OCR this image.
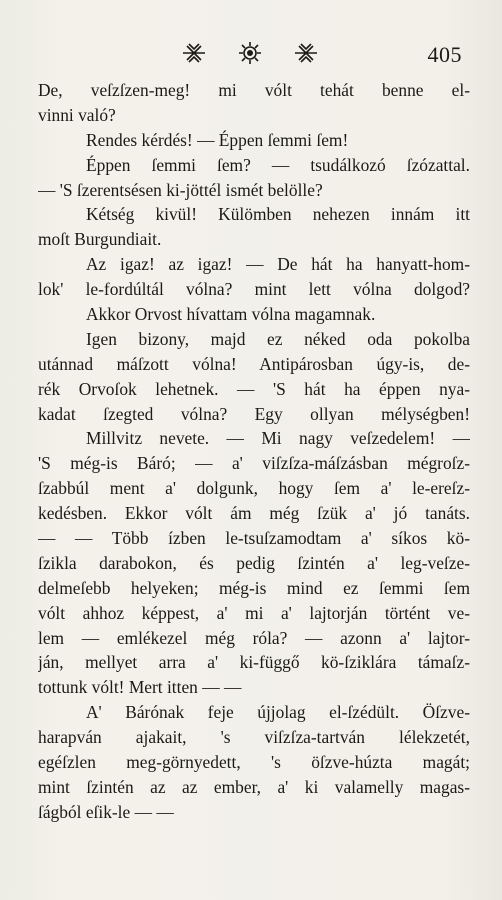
405
De, veſzſzen-meg! mi vólt tehát benne el-
vinni való?
Rendes kérdés! — Éppen ſemmi ſem!
Éppen ſemmi ſem? — tsudálkozó ſzózattal.
— 'S ſzerentsésen ki-jöttél ismét belölle?
Kétség kivül! Külömben nehezen innám itt
moſt Burgundiait.
Az igaz! az igaz! — De hát ha hanyatt-hom-
lok' le-fordúltál vólna? mint lett vólna dolgod?
Akkor Orvost hívattam vólna magamnak.
Igen bizony, majd ez néked oda pokolba
utánnad máſzott vólna! Antipárosban úgy-is, de-
rék Orvoſok lehetnek. — 'S hát ha éppen nya-
kadat ſzegted vólna? Egy ollyan mélységben!
Millvitz nevete. — Mi nagy veſzedelem! —
'S még-is Báró; — a' viſzſza-máſzásban mégroſz-
ſzabbúl ment a' dolgunk, hogy ſem a' le-ereſz-
kedésben. Ekkor vólt ám még ſzük a' jó tanáts.
— — Több ízben le-tsuſzamodtam a' síkos kö-
ſzikla darabokon, és pedig ſzintén a' leg-veſze-
delmeſebb helyeken; még-is mind ez ſemmi ſem
vólt ahhoz képpest, a' mi a' lajtorján történt ve-
lem — emlékezel még róla? — azonn a' lajtor-
ján, mellyet arra a' ki-függő kö-ſziklára támaſz-
tottunk vólt! Mert itten — —
A' Bárónak feje újjolag el-ſzédült. Öſzve-
harapván ajakait, 's viſzſza-tartván lélekzetét,
egéſzlen meg-görnyedett, 's öſzve-húzta magát;
mint ſzintén az az ember, a' ki valamelly magas-
ſágból eſik-le — —
